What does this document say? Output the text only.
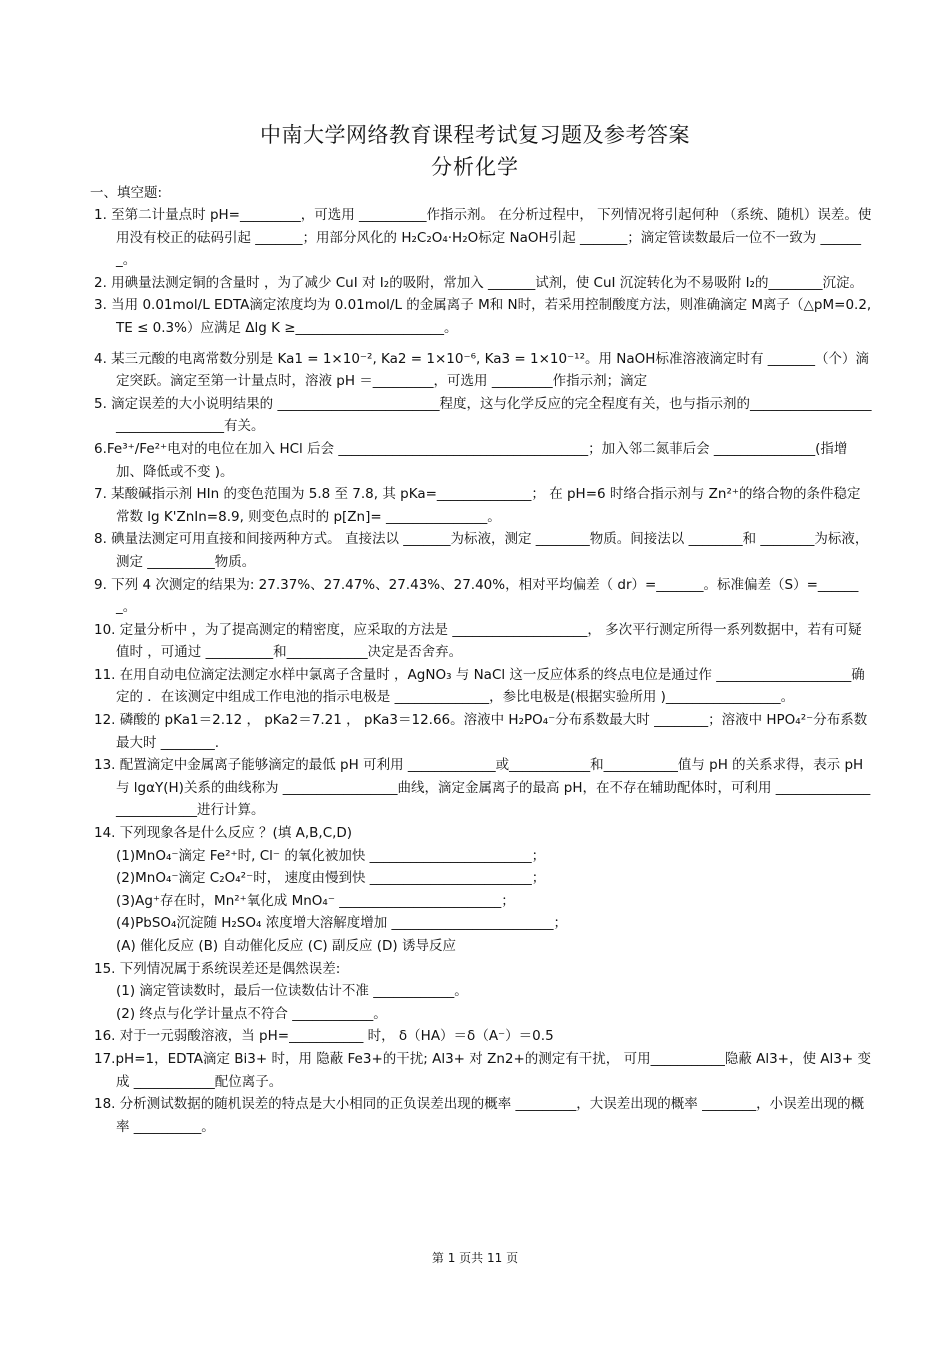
中南大学网络教育课程考试复习题及参考答案
分析化学
一、填空题:

1. 至第二计量点时 pH=_________，可选用 __________作指示剂。 在分析过程中， 下列情况将引起何种 （系统、随机）误差。使用没有校正的砝码引起 _______；用部分风化的 H₂C₂O₄·H₂O标定 NaOH引起 _______；滴定管读数最后一位不一致为 _______。

2. 用碘量法测定铜的含量时 ，为了减少 CuI 对 I₂的吸附，常加入 _______试剂，使 CuI 沉淀转化为不易吸附 I₂的________沉淀。

3. 当用 0.01mol/L EDTA滴定浓度均为 0.01mol/L 的金属离子 M和 N时，若采用控制酸度方法，则准确滴定 M离子（△pM=0.2, TE ≤ 0.3%）应满足 Δlg K ≥______________________。

4. 某三元酸的电离常数分别是 Ka1 = 1×10⁻², Ka2 = 1×10⁻⁶, Ka3 = 1×10⁻¹²。用 NaOH标准溶液滴定时有 _______（个）滴定突跃。滴定至第一计量点时，溶液 pH ＝_________，可选用 _________作指示剂；滴定

5. 滴定误差的大小说明结果的 ________________________程度，这与化学反应的完全程度有关，也与指示剂的__________________________________有关。

6.Fe³⁺/Fe²⁺电对的电位在加入 HCl 后会 _____________________________________；加入邻二氮菲后会 _______________(指增加、降低或不变 )。

7. 某酸碱指示剂 HIn 的变色范围为 5.8 至 7.8, 其 pKa=______________； 在 pH=6 时络合指示剂与 Zn²⁺的络合物的条件稳定常数 lg K'ZnIn=8.9, 则变色点时的 p[Zn]= _______________。

8. 碘量法测定可用直接和间接两种方式。 直接法以 _______为标液，测定 ________物质。间接法以 ________和 ________为标液，测定 __________物质。

9. 下列 4 次测定的结果为: 27.37%、27.47%、27.43%、27.40%，相对平均偏差（ dr）=_______。标准偏差（S）=_______。

10. 定量分析中 ，为了提高测定的精密度，应采取的方法是 ____________________， 多次平行测定所得一系列数据中，若有可疑值时 ，可通过 __________和____________决定是否舍弃。

11. 在用自动电位滴定法测定水样中氯离子含量时 ，AgNO₃ 与 NaCl 这一反应体系的终点电位是通过作 ____________________确定的 ．在该测定中组成工作电池的指示电极是 ______________，参比电极是(根据实验所用 )_________________。

12. 磷酸的 pKa1＝2.12 ， pKa2＝7.21 ， pKa3＝12.66。溶液中 H₂PO₄⁻分布系数最大时 ________；溶液中 HPO₄²⁻分布系数最大时 ________.

13. 配置滴定中金属离子能够滴定的最低 pH 可利用 _____________或____________和___________值与 pH 的关系求得，表示 pH 与 lgαY(H)关系的曲线称为 _________________曲线，滴定金属离子的最高 pH，在不存在辅助配体时，可利用 __________________________进行计算。

14. 下列现象各是什么反应 ？(填 A,B,C,D)

(1)MnO₄⁻滴定 Fe²⁺时, Cl⁻ 的氧化被加快 ________________________；

(2)MnO₄⁻滴定 C₂O₄²⁻时， 速度由慢到快 ________________________；

(3)Ag⁺存在时，Mn²⁺氧化成 MnO₄⁻ ________________________；

(4)PbSO₄沉淀随 H₂SO₄ 浓度增大溶解度增加 ________________________；

(A) 催化反应 (B) 自动催化反应 (C) 副反应 (D) 诱导反应

15. 下列情况属于系统误差还是偶然误差:

(1) 滴定管读数时，最后一位读数估计不准 ____________。

(2) 终点与化学计量点不符合 ____________。

16. 对于一元弱酸溶液，当 pH=___________ 时， δ（HA）＝δ（A⁻）＝0.5

17.pH=1，EDTA滴定 Bi3+ 时，用 隐蔽 Fe3+的干扰; Al3+ 对 Zn2+的测定有干扰， 可用___________隐蔽 Al3+，使 Al3+ 变成 ____________配位离子。

18. 分析测试数据的随机误差的特点是大小相同的正负误差出现的概率 _________，大误差出现的概率 ________，小误差出现的概率 __________。

第 1 页共 11 页
